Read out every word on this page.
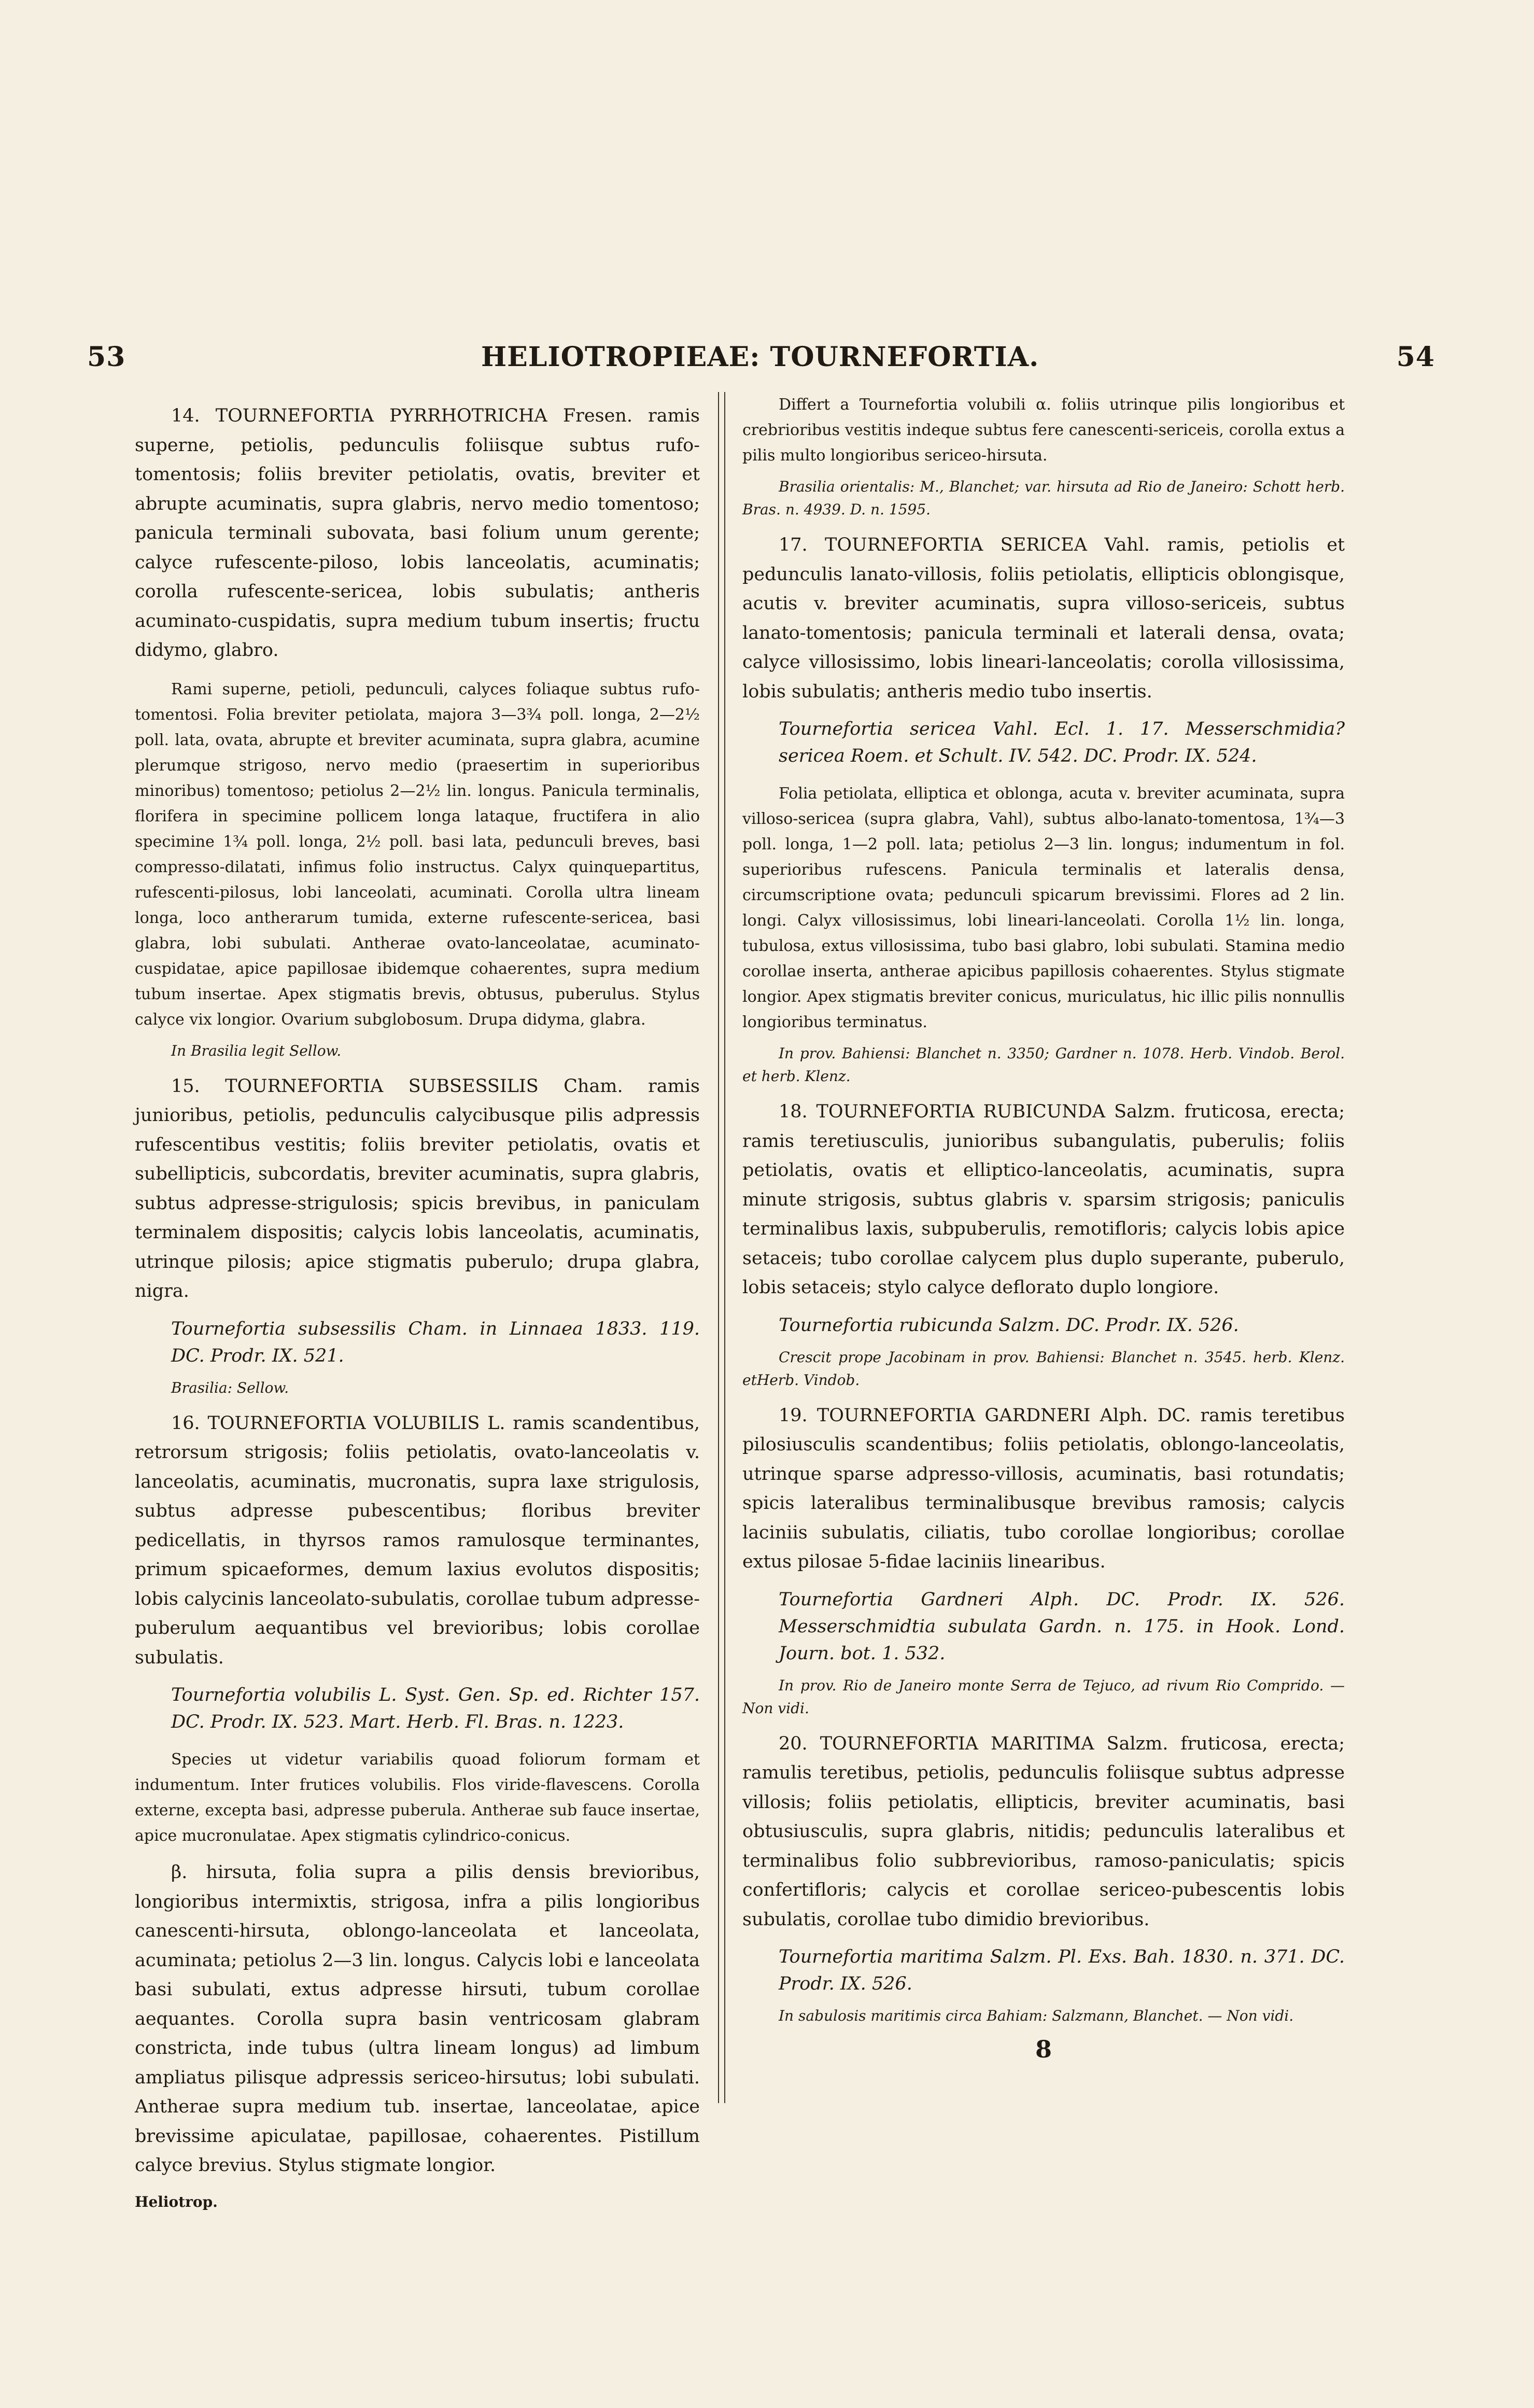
53	HELIOTROPIEAE: TOURNEFORTIA.	54

14. TOURNEFORTIA PYRRHOTRICHA Fresen. ramis superne, petiolis, pedunculis foliisque subtus rufo-tomentosis; foliis breviter petiolatis, ovatis, breviter et abrupte acuminatis, supra glabris, nervo medio tomentoso; panicula terminali subovata, basi folium unum gerente; calyce rufescente-piloso, lobis lanceolatis, acuminatis; corolla rufescente-sericea, lobis subulatis; antheris acuminato-cuspidatis, supra medium tubum insertis; fructu didymo, glabro.

Rami superne, petioli, pedunculi, calyces foliaque subtus rufo-tomentosi. Folia breviter petiolata, majora 3—3¾ poll. longa, 2—2½ poll. lata, ovata, abrupte et breviter acuminata, supra glabra, acumine plerumque strigoso, nervo medio (praesertim in superioribus minoribus) tomentoso; petiolus 2—2½ lin. longus. Panicula terminalis, florifera in specimine pollicem longa lataque, fructifera in alio specimine 1¾ poll. longa, 2½ poll. basi lata, pedunculi breves, basi compresso-dilatati, infimus folio instructus. Calyx quinquepartitus, rufescenti-pilosus, lobi lanceolati, acuminati. Corolla ultra lineam longa, loco antherarum tumida, externe rufescente-sericea, basi glabra, lobi subulati. Antherae ovato-lanceolatae, acuminato-cuspidatae, apice papillosae ibidemque cohaerentes, supra medium tubum insertae. Apex stigmatis brevis, obtusus, puberulus. Stylus calyce vix longior. Ovarium subglobosum. Drupa didyma, glabra.

In Brasilia legit Sellow.

15. TOURNEFORTIA SUBSESSILIS Cham. ramis junioribus, petiolis, pedunculis calycibusque pilis adpressis rufescentibus vestitis; foliis breviter petiolatis, ovatis et subellipticis, subcordatis, breviter acuminatis, supra glabris, subtus adpresse-strigulosis; spicis brevibus, in paniculam terminalem dispositis; calycis lobis lanceolatis, acuminatis, utrinque pilosis; apice stigmatis puberulo; drupa glabra, nigra.

Tournefortia subsessilis Cham. in Linnaea 1833. 119. DC. Prodr. IX. 521.

Brasilia: Sellow.

16. TOURNEFORTIA VOLUBILIS L. ramis scandentibus, retrorsum strigosis; foliis petiolatis, ovato-lanceolatis v. lanceolatis, acuminatis, mucronatis, supra laxe strigulosis, subtus adpresse pubescentibus; floribus breviter pedicellatis, in thyrsos ramos ramulosque terminantes, primum spicaeformes, demum laxius evolutos dispositis; lobis calycinis lanceolato-subulatis, corollae tubum adpresse-puberulum aequantibus vel brevioribus; lobis corollae subulatis.

Tournefortia volubilis L. Syst. Gen. Sp. ed. Richter 157. DC. Prodr. IX. 523. Mart. Herb. Fl. Bras. n. 1223.

Species ut videtur variabilis quoad foliorum formam et indumentum. Inter frutices volubilis. Flos viride-flavescens. Corolla externe, excepta basi, adpresse puberula. Antherae sub fauce insertae, apice mucronulatae. Apex stigmatis cylindrico-conicus.

β. hirsuta, folia supra a pilis densis brevioribus, longioribus intermixtis, strigosa, infra a pilis longioribus canescenti-hirsuta, oblongo-lanceolata et lanceolata, acuminata; petiolus 2—3 lin. longus. Calycis lobi e lanceolata basi subulati, extus adpresse hirsuti, tubum corollae aequantes. Corolla supra basin ventricosam glabram constricta, inde tubus (ultra lineam longus) ad limbum ampliatus pilisque adpressis sericeo-hirsutus; lobi subulati. Antherae supra medium tub. insertae, lanceolatae, apice brevissime apiculatae, papillosae, cohaerentes. Pistillum calyce brevius. Stylus stigmate longior.

Heliotrop.

Differt a Tournefortia volubili α. foliis utrinque pilis longioribus et crebrioribus vestitis indeque subtus fere canescenti-sericeis, corolla extus a pilis multo longioribus sericeo-hirsuta.

Brasilia orientalis: M., Blanchet; var. hirsuta ad Rio de Janeiro: Schott herb. Bras. n. 4939. D. n. 1595.

17. TOURNEFORTIA SERICEA Vahl. ramis, petiolis et pedunculis lanato-villosis, foliis petiolatis, ellipticis oblongisque, acutis v. breviter acuminatis, supra villoso-sericeis, subtus lanato-tomentosis; panicula terminali et laterali densa, ovata; calyce villosissimo, lobis lineari-lanceolatis; corolla villosissima, lobis subulatis; antheris medio tubo insertis.

Tournefortia sericea Vahl. Ecl. 1. 17. Messerschmidia? sericea Roem. et Schult. IV. 542. DC. Prodr. IX. 524.

Folia petiolata, elliptica et oblonga, acuta v. breviter acuminata, supra villoso-sericea (supra glabra, Vahl), subtus albo-lanato-tomentosa, 1¾—3 poll. longa, 1—2 poll. lata; petiolus 2—3 lin. longus; indumentum in fol. superioribus rufescens. Panicula terminalis et lateralis densa, circumscriptione ovata; pedunculi spicarum brevissimi. Flores ad 2 lin. longi. Calyx villosissimus, lobi lineari-lanceolati. Corolla 1½ lin. longa, tubulosa, extus villosissima, tubo basi glabro, lobi subulati. Stamina medio corollae inserta, antherae apicibus papillosis cohaerentes. Stylus stigmate longior. Apex stigmatis breviter conicus, muriculatus, hic illic pilis nonnullis longioribus terminatus.

In prov. Bahiensi: Blanchet n. 3350; Gardner n. 1078. Herb. Vindob. Berol. et herb. Klenz.

18. TOURNEFORTIA RUBICUNDA Salzm. fruticosa, erecta; ramis teretiusculis, junioribus subangulatis, puberulis; foliis petiolatis, ovatis et elliptico-lanceolatis, acuminatis, supra minute strigosis, subtus glabris v. sparsim strigosis; paniculis terminalibus laxis, subpuberulis, remotifloris; calycis lobis apice setaceis; tubo corollae calycem plus duplo superante, puberulo, lobis setaceis; stylo calyce deflorato duplo longiore.

Tournefortia rubicunda Salzm. DC. Prodr. IX. 526.

Crescit prope Jacobinam in prov. Bahiensi: Blanchet n. 3545. herb. Klenz. etHerb. Vindob.

19. TOURNEFORTIA GARDNERI Alph. DC. ramis teretibus pilosiusculis scandentibus; foliis petiolatis, oblongo-lanceolatis, utrinque sparse adpresso-villosis, acuminatis, basi rotundatis; spicis lateralibus terminalibusque brevibus ramosis; calycis laciniis subulatis, ciliatis, tubo corollae longioribus; corollae extus pilosae 5-fidae laciniis linearibus.

Tournefortia Gardneri Alph. DC. Prodr. IX. 526. Messerschmidtia subulata Gardn. n. 175. in Hook. Lond. Journ. bot. 1. 532.

In prov. Rio de Janeiro monte Serra de Tejuco, ad rivum Rio Comprido. — Non vidi.

20. TOURNEFORTIA MARITIMA Salzm. fruticosa, erecta; ramulis teretibus, petiolis, pedunculis foliisque subtus adpresse villosis; foliis petiolatis, ellipticis, breviter acuminatis, basi obtusiusculis, supra glabris, nitidis; pedunculis lateralibus et terminalibus folio subbrevioribus, ramoso-paniculatis; spicis confertifloris; calycis et corollae sericeo-pubescentis lobis subulatis, corollae tubo dimidio brevioribus.

Tournefortia maritima Salzm. Pl. Exs. Bah. 1830. n. 371. DC. Prodr. IX. 526.

In sabulosis maritimis circa Bahiam: Salzmann, Blanchet. — Non vidi.

8
